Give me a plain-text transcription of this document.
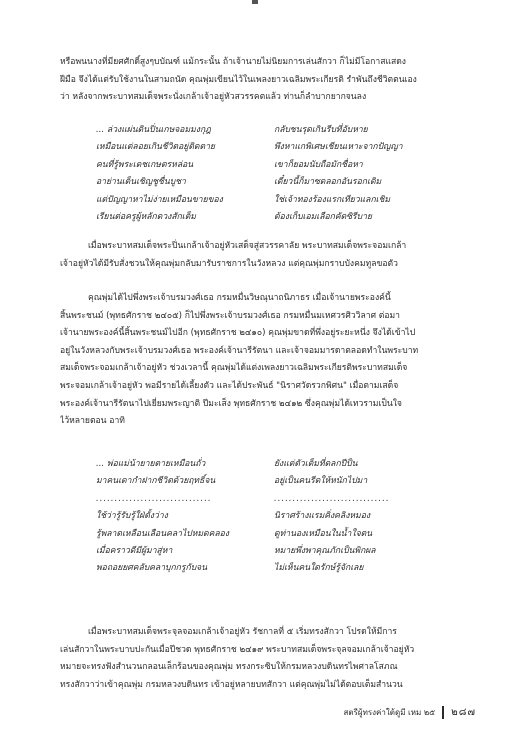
หรือพนนางที่มียศศักดิ์สูงๆบบัณฑ์ แม้กระนั้น ถ้าเจ้านายไม่นิยมการเล่นสักวา ก็ไม่มีโอกาสแสดง
ฝีมือ จึงได้แต่รับใช้งานในสามถนัด คุณพุ่มเขียนไว้ในเพลงยาวเฉลิมพระเกียรติ รำพันถึงชีวิตตนเอง
ว่า หลังจากพระบาทสมเด็จพระนั่งเกล้าเจ้าอยู่หัวสวรรคตแล้ว ท่านก็ลำบากยากจนลง
... ล่วงแผ่นดินปิ่นเกษจอมมงกุฎ	กลับชนรุดเกินรีบที่อับหาย
เหมือนแต่ลอยเกินชีวิตอยู่ติดตาย	พึงหาแกพิเศษเชียนเหาะจากปัญญา
คนที่รู้พระเดชเกษตรหล่อน	เขาก็ยอมนับถือมักชื่อหา
อาย่านเต็นเชิญชูชื่นบูชา	เดี๋ยวนี้ก็มาซดลอกอันรอกเดิม
แต่ปัญญาหาไม่ง่ายเหมือนขายของ	ใช่เจ้าทองร้องแรกเทียวแลกเชิม
เรียนต่อครูผู้หลักดวงสักเต็ม	ต้องเก็บเอมเลือกคัดซิรีบาย
เมื่อพระบาทสมเด็จพระปิ่นเกล้าเจ้าอยู่หัวเสด็จสู่สวรรคาลัย พระบาทสมเด็จพระจอมเกล้า
เจ้าอยู่หัวได้มีรับสั่งชวนให้คุณพุ่มกลับมารับราชการในวังหลวง แต่คุณพุ่มกราบบังคมทูลขอตัว
คุณพุ่มได้ไปพึ่งพระเจ้าบรมวงศ์เธอ กรมหมื่นวิษณุนาถนิภาธร เมื่อเจ้านายพระองค์นี้
สิ้นพระชนม์ (พุทธศักราช ๒๔๐๕) ก็ไปพึ่งพระเจ้าบรมวงศ์เธอ กรมหมื่นมเหศวรศิววิลาศ ต่อมา
เจ้านายพระองค์นี้สิ้นพระชนม์ไปอีก (พุทธศักราช ๒๔๑๐) คุณพุ่มขาดที่พึ่งอยู่ระยะหนึ่ง จึงได้เข้าไป
อยู่ในวังหลวงกับพระเจ้าบรมวงศ์เธอ พระองค์เจ้านารีรัตนา และเจ้าจอมมารดาตลอดทำในพระบาท
สมเด็จพระจอมเกล้าเจ้าอยู่หัว ช่วงเวลานี้ คุณพุ่มได้แต่งเพลงยาวเฉลิมพระเกียรติพระบาทสมเด็จ
พระจอมเกล้าเจ้าอยู่หัว พอมีรายได้เลี้ยงตัว และได้ประพันธ์ "นิราศวัดรวกพิศน" เมื่อตามเสด็จ
พระองค์เจ้านารีรัตนาไปเยี่ยมพระญาติ ปีมะเส็ง พุทธศักราช ๒๔๑๒ ซึ่งคุณพุ่มได้เทวรามเป็นใจ
ไว้หลายตอน อาทิ
... พ่อแม่น้ายายตายเหมือนถั่ว	ยังแต่ตัวเต็มที่ดลกปีป็น
มาคนเดากำฝากชีวิตด้วยฤทธิ์จน	อยู่เป็นคนรีดให้หนักไปมา
...............................	...............................
ใช้ว่ารู้รับรู้ใฝ่ตั้งว่าง	นิราศร้างแรมคิ่งคลิงหมอง
รู้พลาดเหลือนเลือนคลาไปหมดคลอง	ดูท่านองเหมือนในน้ำใจตน
เมื่อคราวดีมีผู้มาสู่หา	หมายพึ่งพาคุณภักเป็นพิกผล
พอถอยยศคลับคลาบุกกรูกับจน	ไม่เห็นคนใดรักษ์รู้จักเลย
เมื่อพระบาทสมเด็จพระจุลจอมเกล้าเจ้าอยู่หัว รัชกาลที่ ๕ เริ่มทรงสักวา โปรดให้มีการ
เล่นสักวาในพระบาบปะกันเมื่อปีชวด พุทธศักราช ๒๔๑๙ พระบาทสมเด็จพระจุลจอมเกล้าเจ้าอยู่หัว
หมายจะทรงฟังสำนวนกลอนเล็กร้อนของคุณพุ่ม ทรงกระซิบให้กรมหลวงบดินทรไพศาลโสภณ
ทรงสักวาว่าเข้าคุณพุ่ม กรมหลวงบดินทร เข้าอยู่หลายบทสักวา แต่คุณพุ่มไม่ได้ตอบเต็มสำนวน
สตรีผู้ทรงค่าใต้ดูมี เหม ๒๕ ๒๘๗
